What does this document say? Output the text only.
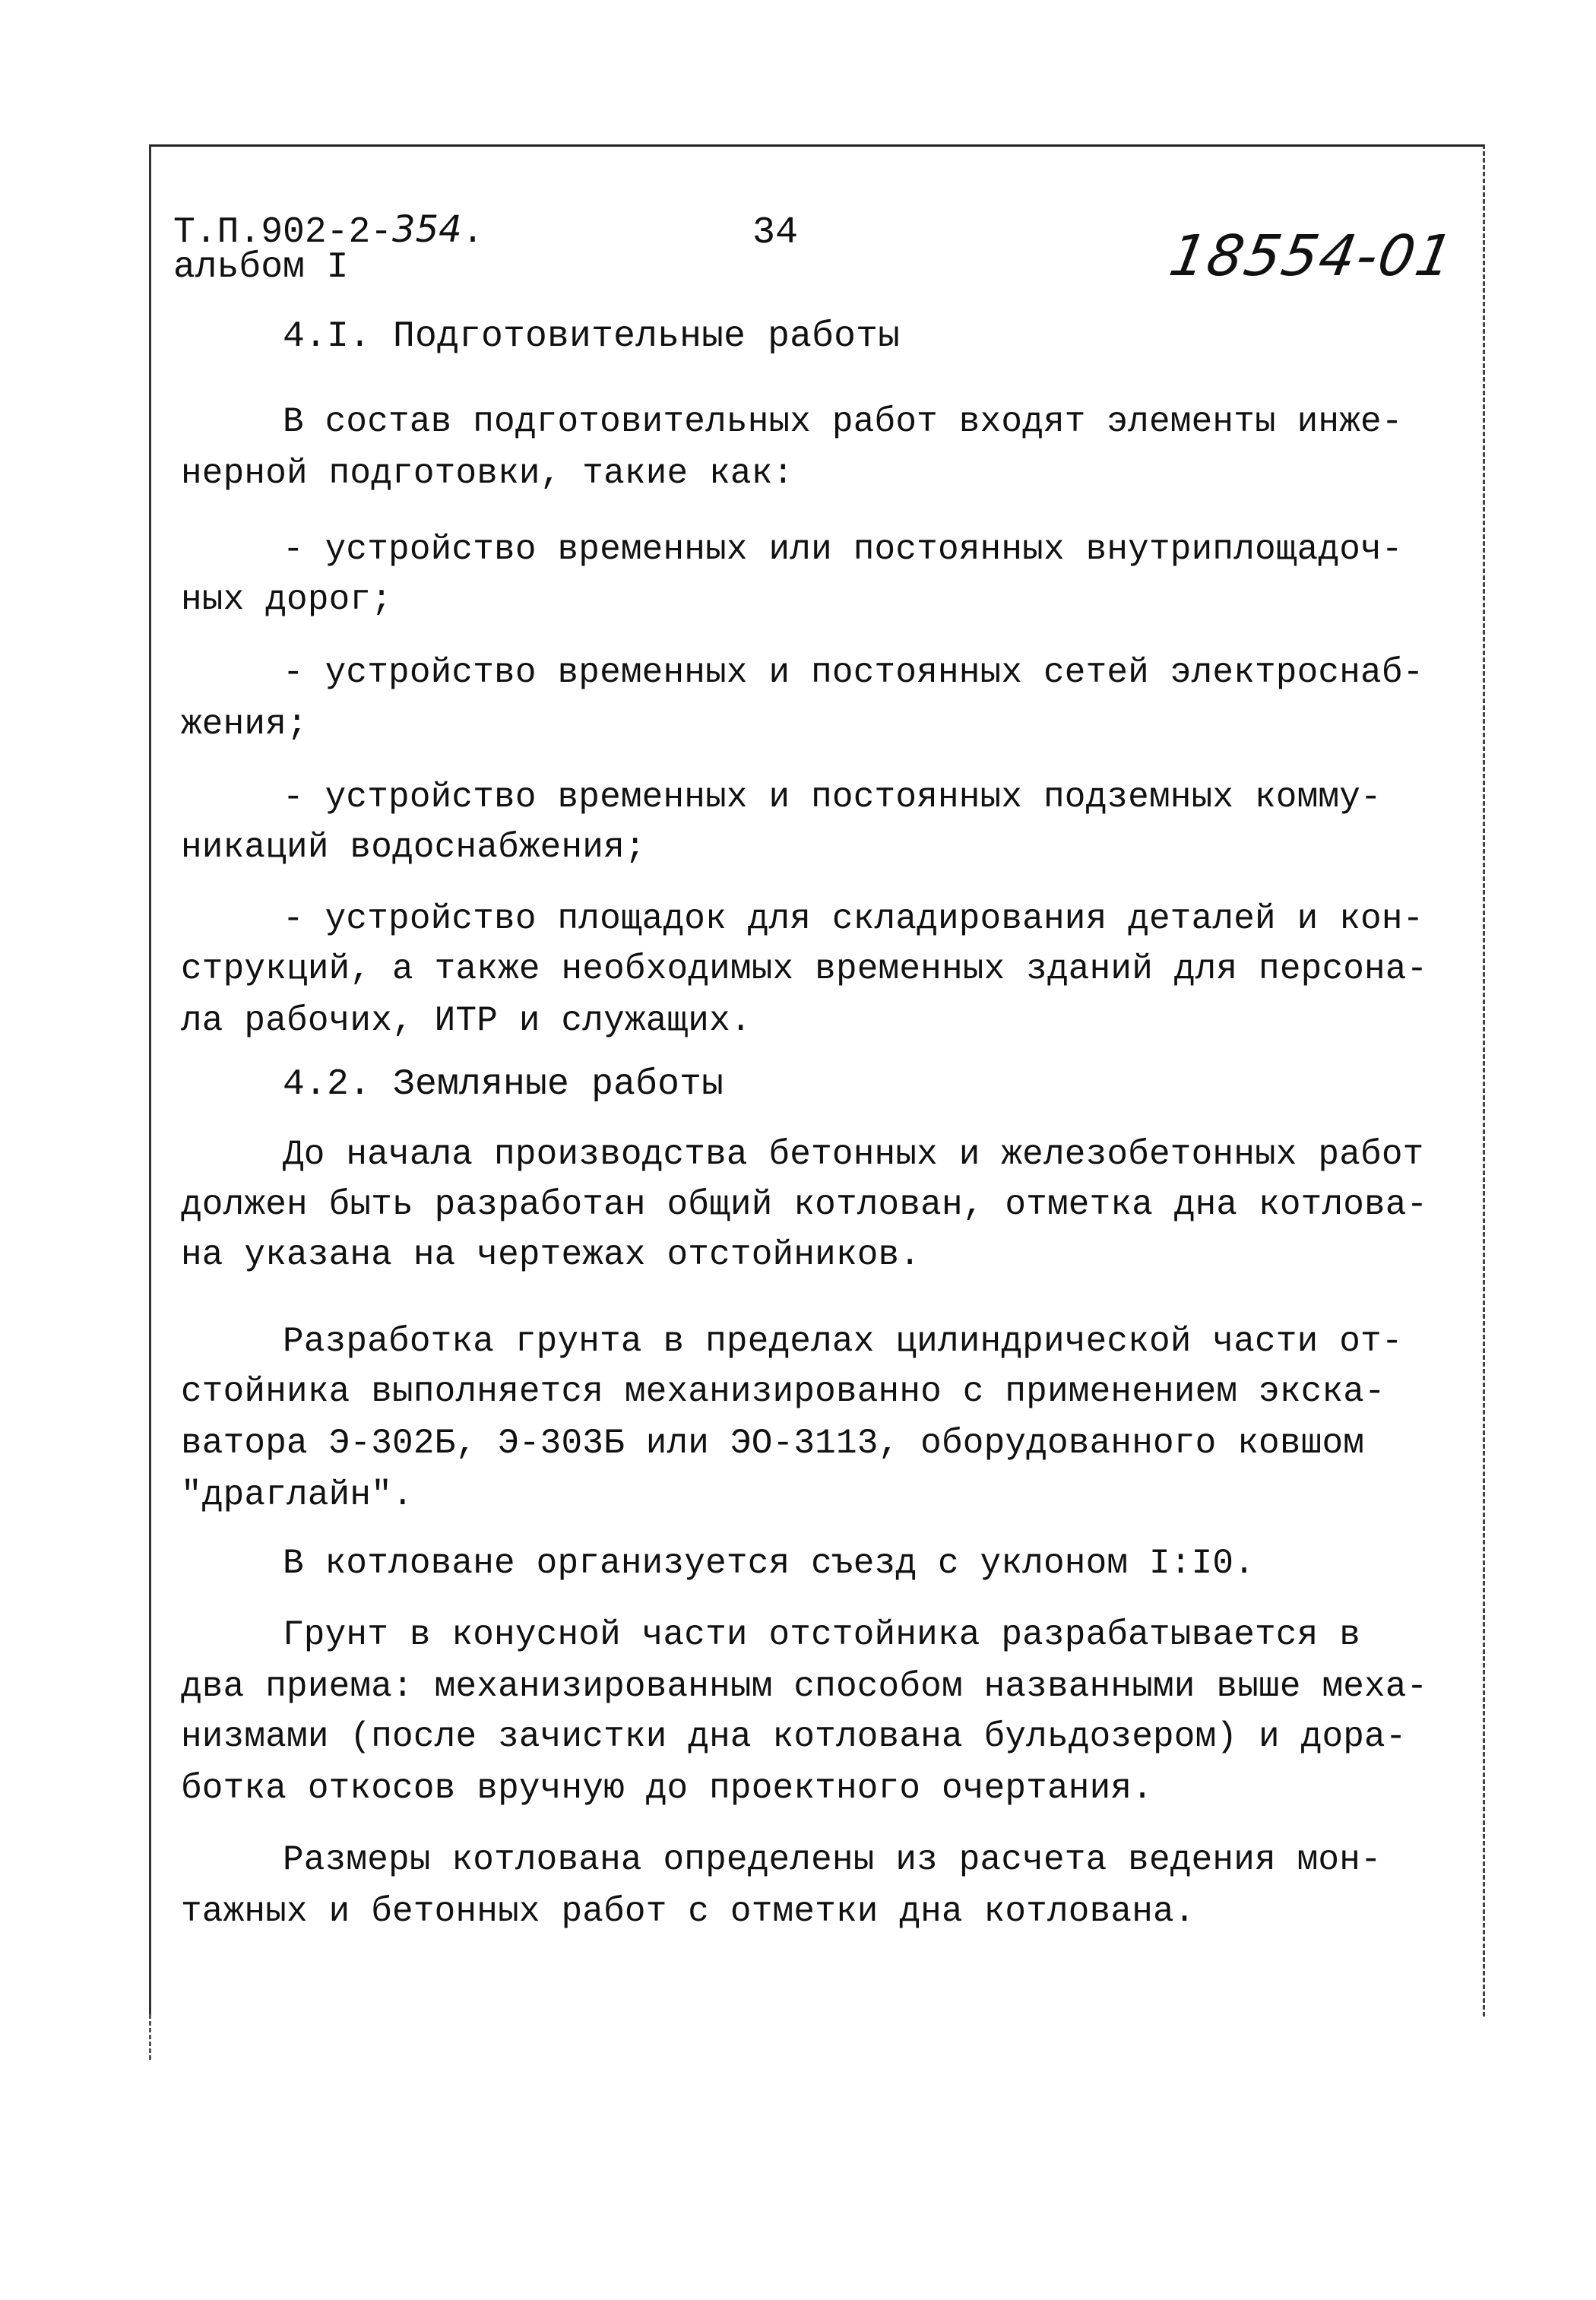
Т.П.902-2-354.
альбом I
34	18554-01
4.I. Подготовительные работы
В состав подготовительных работ входят элементы инже-
нерной подготовки, такие как:
- устройство временных или постоянных внутриплощадоч-
ных дорог;
- устройство временных и постоянных сетей электроснаб-
жения;
- устройство временных и постоянных подземных комму-
никаций водоснабжения;
- устройство площадок для складирования деталей и кон-
струкций, а также необходимых временных зданий для персона-
ла рабочих, ИТР и служащих.
4.2. Земляные работы
До начала производства бетонных и железобетонных работ
должен быть разработан общий котлован, отметка дна котлова-
на указана на чертежах отстойников.
Разработка грунта в пределах цилиндрической части от-
стойника выполняется механизированно с применением экска-
ватора Э-302Б, Э-303Б или ЭО-3113, оборудованного ковшом
"драглайн".
В котловане организуется съезд с уклоном I:I0.
Грунт в конусной части отстойника разрабатывается в
два приема: механизированным способом названными выше меха-
низмами (после зачистки дна котлована бульдозером) и дора-
ботка откосов вручную до проектного очертания.
Размеры котлована определены из расчета ведения мон-
тажных и бетонных работ с отметки дна котлована.
